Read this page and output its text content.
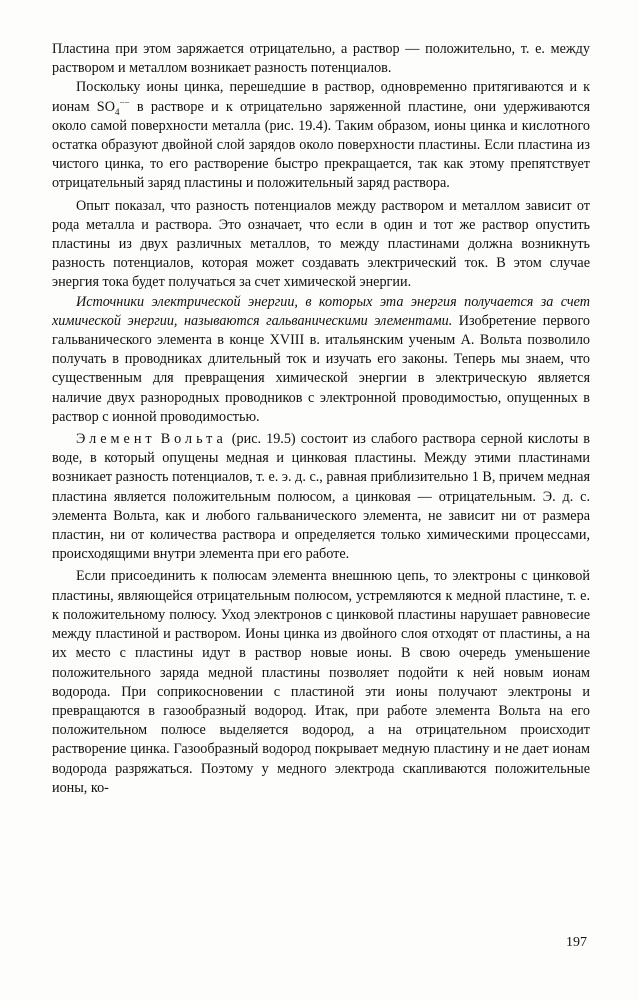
Пластина при этом заряжается отрицательно, а раствор — положительно, т. е. между раствором и металлом возникает разность потенциалов.

Поскольку ионы цинка, перешедшие в раствор, одновременно притягиваются и к ионам $SO_4^{--}$ в растворе и к отрицательно заряженной пластине, они удерживаются около самой поверхности металла (рис. 19.4). Таким образом, ионы цинка и кислотного остатка образуют двойной слой зарядов около поверхности пластины. Если пластина из чистого цинка, то его растворение быстро прекращается, так как этому препятствует отрицательный заряд пластины и положительный заряд раствора.

Опыт показал, что разность потенциалов между раствором и металлом зависит от рода металла и раствора. Это означает, что если в один и тот же раствор опустить пластины из двух различных металлов, то между пластинами должна возникнуть разность потенциалов, которая может создавать электрический ток. В этом случае энергия тока будет получаться за счет химической энергии.

Источники электрической энергии, в которых эта энергия получается за счет химической энергии, называются гальваническими элементами. Изобретение первого гальванического элемента в конце XVIII в. итальянским ученым А. Вольта позволило получать в проводниках длительный ток и изучать его законы. Теперь мы знаем, что существенным для превращения химической энергии в электрическую является наличие двух разнородных проводников с электронной проводимостью, опущенных в раствор с ионной проводимостью.

Элемент Вольта (рис. 19.5) состоит из слабого раствора серной кислоты в воде, в который опущены медная и цинковая пластины. Между этими пластинами возникает разность потенциалов, т. е. э. д. с., равная приблизительно 1 В, причем медная пластина является положительным полюсом, а цинковая — отрицательным. Э. д. с. элемента Вольта, как и любого гальванического элемента, не зависит ни от размера пластин, ни от количества раствора и определяется только химическими процессами, происходящими внутри элемента при его работе.

Если присоединить к полюсам элемента внешнюю цепь, то электроны с цинковой пластины, являющейся отрицательным полюсом, устремляются к медной пластине, т. е. к положительному полюсу. Уход электронов с цинковой пластины нарушает равновесие между пластиной и раствором. Ионы цинка из двойного слоя отходят от пластины, а на их место с пластины идут в раствор новые ионы. В свою очередь уменьшение положительного заряда медной пластины позволяет подойти к ней новым ионам водорода. При соприкосновении с пластиной эти ионы получают электроны и превращаются в газообразный водород. Итак, при работе элемента Вольта на его положительном полюсе выделяется водород, а на отрицательном происходит растворение цинка. Газообразный водород покрывает медную пластину и не дает ионам водорода разряжаться. Поэтому у медного электрода скапливаются положительные ионы, ко-

197
